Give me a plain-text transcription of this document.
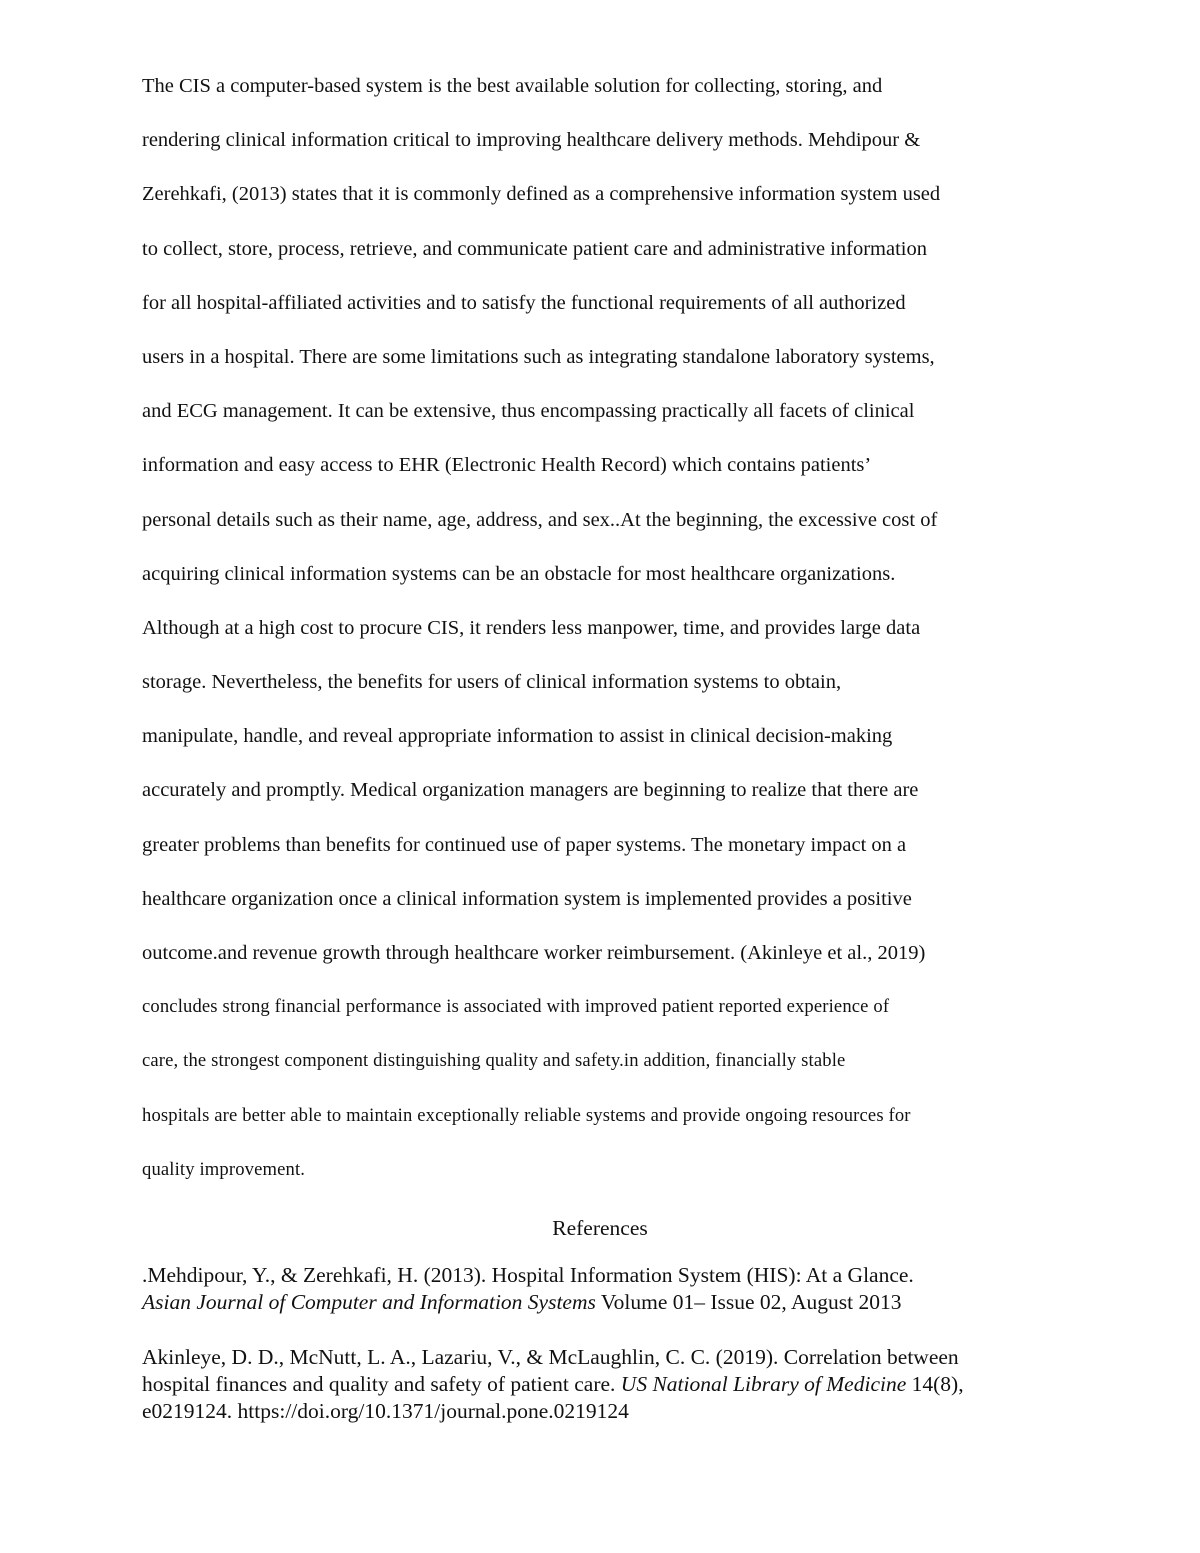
The CIS a computer-based system is the best available solution for collecting, storing, and
rendering clinical information critical to improving healthcare delivery methods. Mehdipour &
Zerehkafi, (2013) states that it is commonly defined as a comprehensive information system used
to collect, store, process, retrieve, and communicate patient care and administrative information
for all hospital-affiliated activities and to satisfy the functional requirements of all authorized
users in a hospital. There are some limitations such as integrating standalone laboratory systems,
and ECG management. It can be extensive, thus encompassing practically all facets of clinical
information and easy access to EHR (Electronic Health Record) which contains patients’
personal details such as their name, age, address, and sex..At the beginning, the excessive cost of
acquiring clinical information systems can be an obstacle for most healthcare organizations.
Although at a high cost to procure CIS, it renders less manpower, time, and provides large data
storage. Nevertheless, the benefits for users of clinical information systems to obtain,
manipulate, handle, and reveal appropriate information to assist in clinical decision-making
accurately and promptly. Medical organization managers are beginning to realize that there are
greater problems than benefits for continued use of paper systems. The monetary impact on a
healthcare organization once a clinical information system is implemented provides a positive
outcome.and revenue growth through healthcare worker reimbursement. (Akinleye et al., 2019)
concludes strong financial performance is associated with improved patient reported experience of
care, the strongest component distinguishing quality and safety.in addition, financially stable
hospitals are better able to maintain exceptionally reliable systems and provide ongoing resources for
quality improvement.
References
.Mehdipour, Y., & Zerehkafi, H. (2013). Hospital Information System (HIS): At a Glance.
Asian Journal of Computer and Information Systems Volume 01– Issue 02, August 2013
Akinleye, D. D., McNutt, L. A., Lazariu, V., & McLaughlin, C. C. (2019). Correlation between
hospital finances and quality and safety of patient care. US National Library of Medicine 14(8),
e0219124. https://doi.org/10.1371/journal.pone.0219124
